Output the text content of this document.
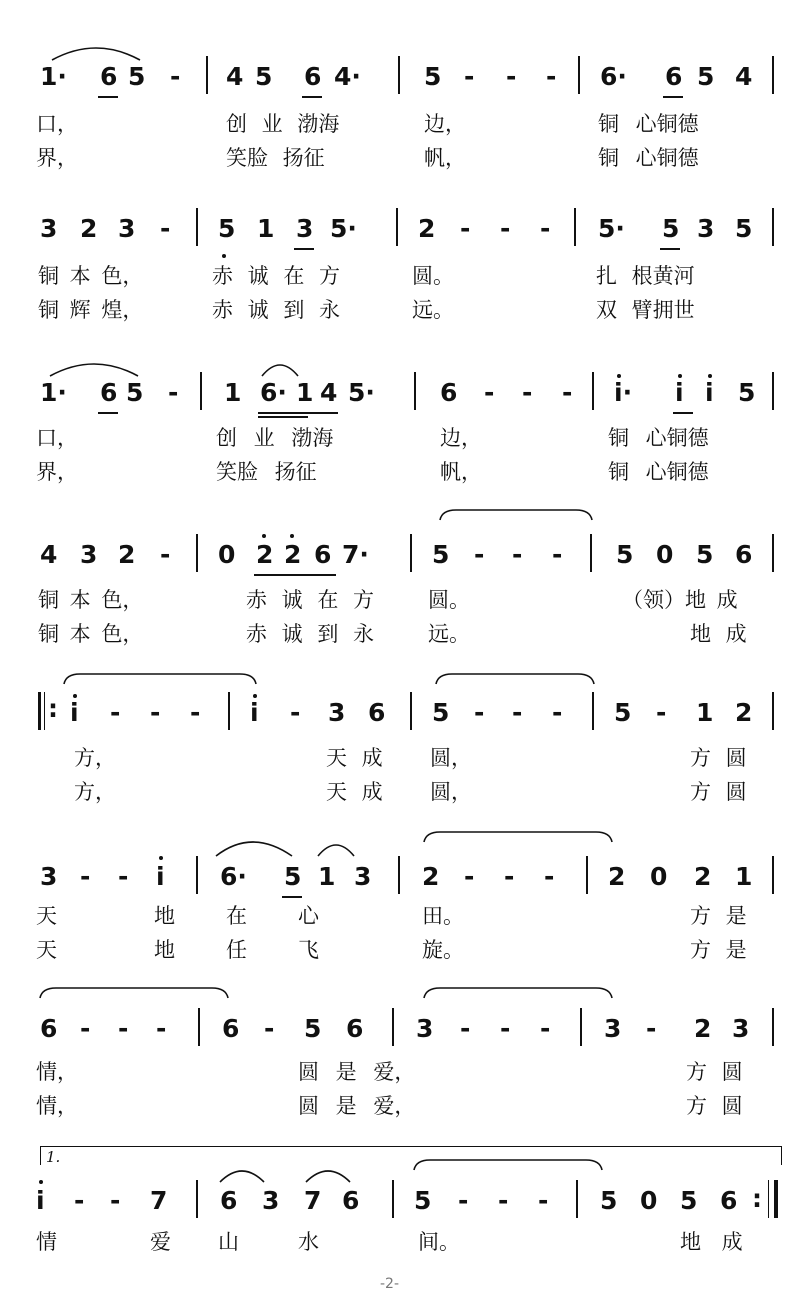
1· 6 5 - 4 5 6 4·	5 - - - 6· 6 5 4
口，	创 业 渤海	边，	铜 心铜德
界，	笑脸 扬征	帆，	铜 心铜德
3 2 3 - 5 1 3 5· 2 - - - 5· 5 3 5
铜 本 色，	赤 诚 在 方	圆。	扎 根黄河
铜 辉 煌，	赤 诚 到 永	远。	双 臂拥世
1· 6 5 - 1 6· 1 4 5·	6 - - - i· i i 5
口，	创 业 渤海	边，	铜 心铜德
界，	笑脸 扬征	帆，	铜 心铜德
4 3 2 - 0 2 2 6 7·	5 - - - 5 0 5 6
铜 本 色，	赤 诚 在 方	圆。	（领）地 成
铜 本 色，	赤 诚 到 永	远。	地 成
: i - - - i - 3 6 5 - - - 5 - 1 2
方，	天 成 圆，	方 圆
方，	天 成 圆，	方 圆
3 - - i 6· 5 1 3 2 - - - 2 0 2 1
天	地 在 心	田。	方 是
天	地 任 飞	旋。	方 是
6 - - - 6 - 5 6 3 - - - 3 - 2 3
情，	圆 是 爱，	方 圆
情，	圆 是 爱，	方 圆
1.
i - - 7 6 3 7 6 5 - - - 5 0 5 6 :
情	爱 山	水	间。	地 成
-2-
